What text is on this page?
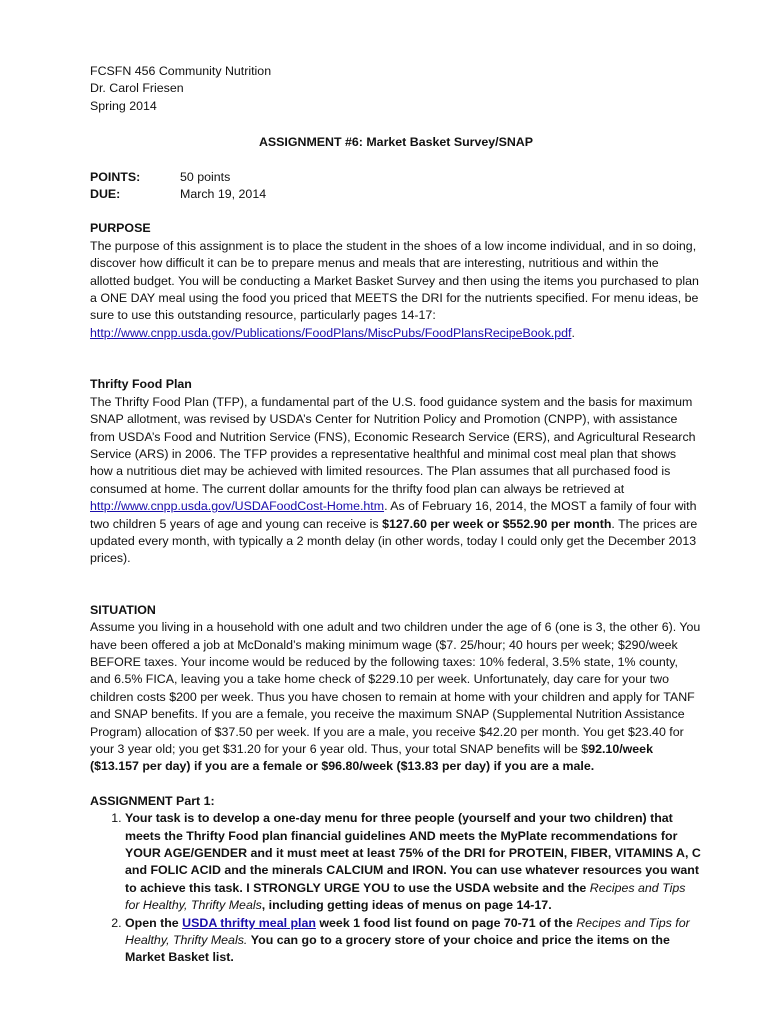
FCSFN 456 Community Nutrition

Dr. Carol Friesen

Spring 2014

ASSIGNMENT #6: Market Basket Survey/SNAP

POINTS:	50 points
DUE:	March 19, 2014

PURPOSE

The purpose of this assignment is to place the student in the shoes of a low income individual, and in so doing, discover how difficult it can be to prepare menus and meals that are interesting, nutritious and within the allotted budget. You will be conducting a Market Basket Survey and then using the items you purchased to plan a ONE DAY meal using the food you priced that MEETS the DRI for the nutrients specified. For menu ideas, be sure to use this outstanding resource, particularly pages 14-17:
http://www.cnpp.usda.gov/Publications/FoodPlans/MiscPubs/FoodPlansRecipeBook.pdf.

Thrifty Food Plan

The Thrifty Food Plan (TFP), a fundamental part of the U.S. food guidance system and the basis for maximum SNAP allotment, was revised by USDA’s Center for Nutrition Policy and Promotion (CNPP), with assistance from USDA’s Food and Nutrition Service (FNS), Economic Research Service (ERS), and Agricultural Research Service (ARS) in 2006. The TFP provides a representative healthful and minimal cost meal plan that shows how a nutritious diet may be achieved with limited resources. The Plan assumes that all purchased food is consumed at home. The current dollar amounts for the thrifty food plan can always be retrieved at http://www.cnpp.usda.gov/USDAFoodCost-Home.htm. As of February 16, 2014, the MOST a family of four with two children 5 years of age and young can receive is $127.60 per week or $552.90 per month. The prices are updated every month, with typically a 2 month delay (in other words, today I could only get the December 2013 prices).

SITUATION

Assume you living in a household with one adult and two children under the age of 6 (one is 3, the other 6). You have been offered a job at McDonald’s making minimum wage ($7. 25/hour; 40 hours per week; $290/week BEFORE taxes. Your income would be reduced by the following taxes: 10% federal, 3.5% state, 1% county, and 6.5% FICA, leaving you a take home check of $229.10 per week. Unfortunately, day care for your two children costs $200 per week. Thus you have chosen to remain at home with your children and apply for TANF and SNAP benefits. If you are a female, you receive the maximum SNAP (Supplemental Nutrition Assistance Program) allocation of $37.50 per week. If you are a male, you receive $42.20 per month. You get $23.40 for your 3 year old; you get $31.20 for your 6 year old. Thus, your total SNAP benefits will be $92.10/week ($13.157 per day) if you are a female or $96.80/week ($13.83 per day) if you are a male.

ASSIGNMENT Part 1:

1. Your task is to develop a one-day menu for three people (yourself and your two children) that meets the Thrifty Food plan financial guidelines AND meets the MyPlate recommendations for YOUR AGE/GENDER and it must meet at least 75% of the DRI for PROTEIN, FIBER, VITAMINS A, C and FOLIC ACID and the minerals CALCIUM and IRON. You can use whatever resources you want to achieve this task. I STRONGLY URGE YOU to use the USDA website and the Recipes and Tips for Healthy, Thrifty Meals, including getting ideas of menus on page 14-17.
2. Open the USDA thrifty meal plan week 1 food list found on page 70-71 of the Recipes and Tips for Healthy, Thrifty Meals. You can go to a grocery store of your choice and price the items on the Market Basket list.
